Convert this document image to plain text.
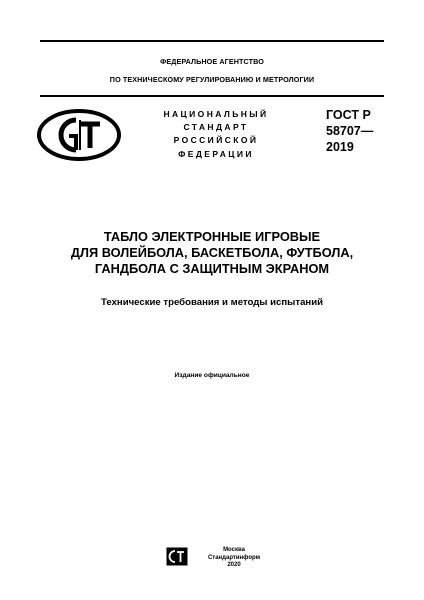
ФЕДЕРАЛЬНОЕ АГЕНТСТВО
ПО ТЕХНИЧЕСКОМУ РЕГУЛИРОВАНИЮ И МЕТРОЛОГИИ
НАЦИОНАЛЬНЫЙ
СТАНДАРТ
РОССИЙСКОЙ
ФЕДЕРАЦИИ
ГОСТ Р
58707—
2019
ТАБЛО ЭЛЕКТРОННЫЕ ИГРОВЫЕ
ДЛЯ ВОЛЕЙБОЛА, БАСКЕТБОЛА, ФУТБОЛА,
ГАНДБОЛА С ЗАЩИТНЫМ ЭКРАНОМ
Технические требования и методы испытаний
Издание официальное
Москва
Стандартинформ
2020
